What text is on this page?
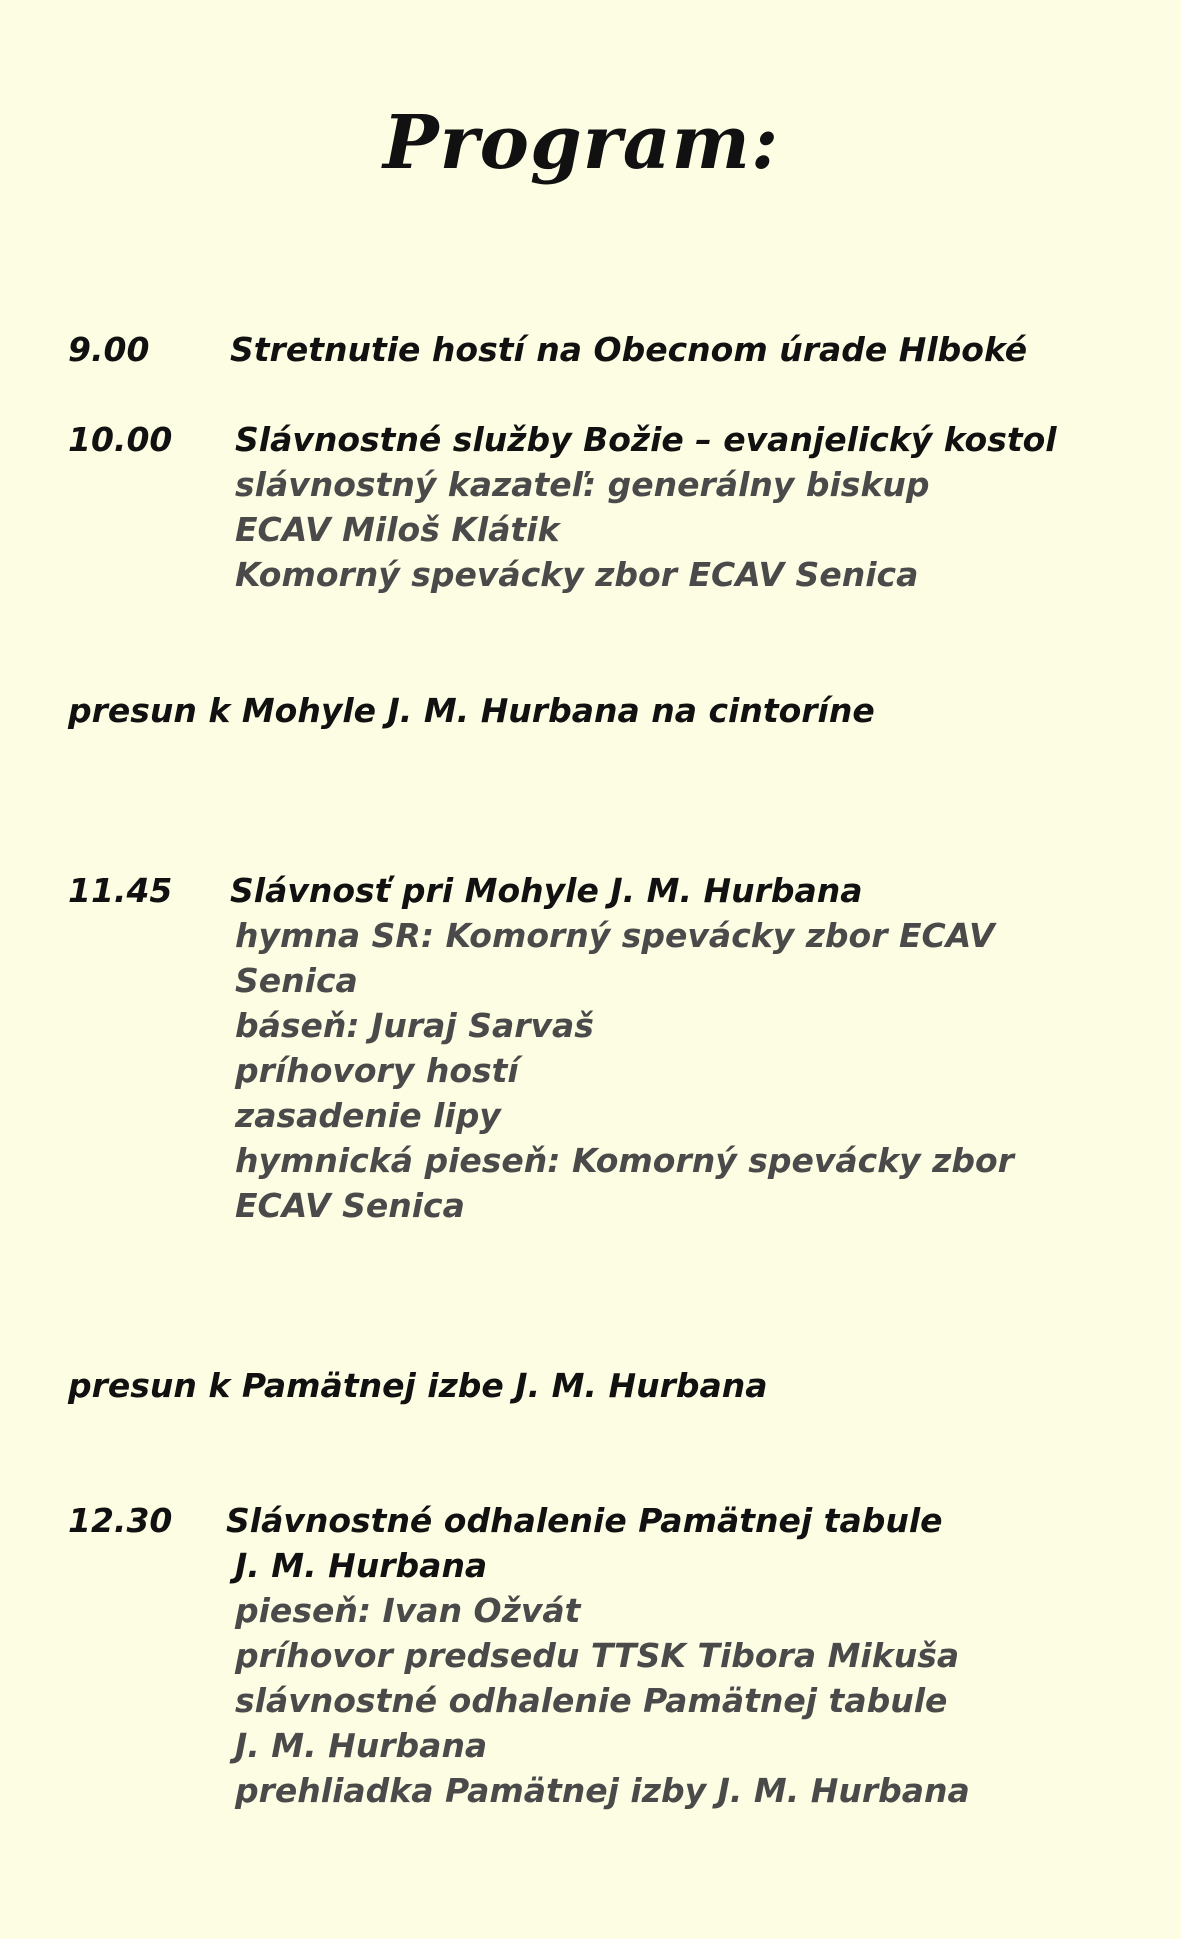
Program:
9.00 Stretnutie hostí na Obecnom úrade Hlboké
10.00 Slávnostné služby Božie – evanjelický kostol
slávnostný kazateľ: generálny biskup
ECAV Miloš Klátik
Komorný spevácky zbor ECAV Senica
presun k Mohyle J. M. Hurbana na cintoríne
11.45 Slávnosť pri Mohyle J. M. Hurbana
hymna SR: Komorný spevácky zbor ECAV
Senica
báseň: Juraj Sarvaš
príhovory hostí
zasadenie lipy
hymnická pieseň: Komorný spevácky zbor
ECAV Senica
presun k Pamätnej izbe J. M. Hurbana
12.30 Slávnostné odhalenie Pamätnej tabule
J. M. Hurbana
pieseň: Ivan Ožvát
príhovor predsedu TTSK Tibora Mikuša
slávnostné odhalenie Pamätnej tabule
J. M. Hurbana
prehliadka Pamätnej izby J. M. Hurbana
